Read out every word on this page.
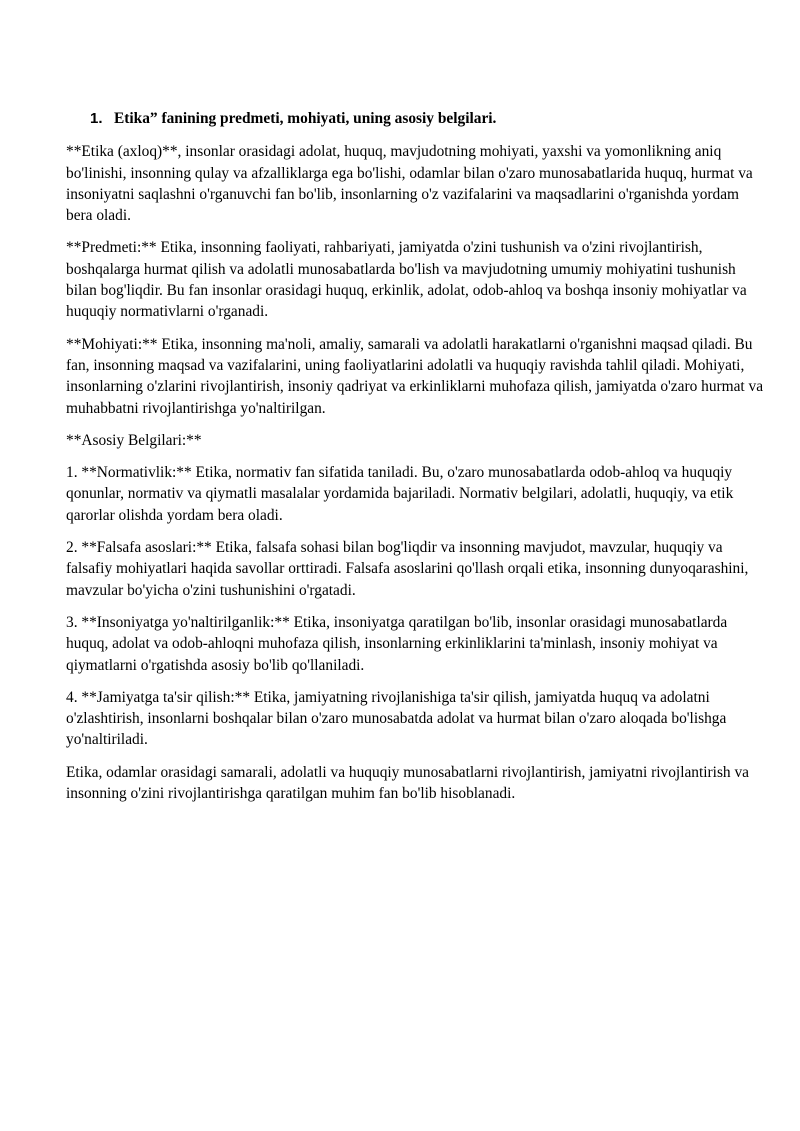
1. Etika” fanining predmeti, mohiyati, uning asosiy belgilari.

**Etika (axloq)**, insonlar orasidagi adolat, huquq, mavjudotning mohiyati, yaxshi va yomonlikning aniq bo'linishi, insonning qulay va afzalliklarga ega bo'lishi, odamlar bilan o'zaro munosabatlarida huquq, hurmat va insoniyatni saqlashni o'rganuvchi fan bo'lib, insonlarning o'z vazifalarini va maqsadlarini o'rganishda yordam bera oladi.

**Predmeti:** Etika, insonning faoliyati, rahbariyati, jamiyatda o'zini tushunish va o'zini rivojlantirish, boshqalarga hurmat qilish va adolatli munosabatlarda bo'lish va mavjudotning umumiy mohiyatini tushunish bilan bog'liqdir. Bu fan insonlar orasidagi huquq, erkinlik, adolat, odob-ahloq va boshqa insoniy mohiyatlar va huquqiy normativlarni o'rganadi.

**Mohiyati:** Etika, insonning ma'noli, amaliy, samarali va adolatli harakatlarni o'rganishni maqsad qiladi. Bu fan, insonning maqsad va vazifalarini, uning faoliyatlarini adolatli va huquqiy ravishda tahlil qiladi. Mohiyati, insonlarning o'zlarini rivojlantirish, insoniy qadriyat va erkinliklarni muhofaza qilish, jamiyatda o'zaro hurmat va muhabbatni rivojlantirishga yo'naltirilgan.

**Asosiy Belgilari:**

1. **Normativlik:** Etika, normativ fan sifatida taniladi. Bu, o'zaro munosabatlarda odob-ahloq va huquqiy qonunlar, normativ va qiymatli masalalar yordamida bajariladi. Normativ belgilari, adolatli, huquqiy, va etik qarorlar olishda yordam bera oladi.

2. **Falsafa asoslari:** Etika, falsafa sohasi bilan bog'liqdir va insonning mavjudot, mavzular, huquqiy va falsafiy mohiyatlari haqida savollar orttiradi. Falsafa asoslarini qo'llash orqali etika, insonning dunyoqarashini, mavzular bo'yicha o'zini tushunishini o'rgatadi.

3. **Insoniyatga yo'naltirilganlik:** Etika, insoniyatga qaratilgan bo'lib, insonlar orasidagi munosabatlarda huquq, adolat va odob-ahloqni muhofaza qilish, insonlarning erkinliklarini ta'minlash, insoniy mohiyat va qiymatlarni o'rgatishda asosiy bo'lib qo'llaniladi.

4. **Jamiyatga ta'sir qilish:** Etika, jamiyatning rivojlanishiga ta'sir qilish, jamiyatda huquq va adolatni o'zlashtirish, insonlarni boshqalar bilan o'zaro munosabatda adolat va hurmat bilan o'zaro aloqada bo'lishga yo'naltiriladi.

Etika, odamlar orasidagi samarali, adolatli va huquqiy munosabatlarni rivojlantirish, jamiyatni rivojlantirish va insonning o'zini rivojlantirishga qaratilgan muhim fan bo'lib hisoblanadi.
